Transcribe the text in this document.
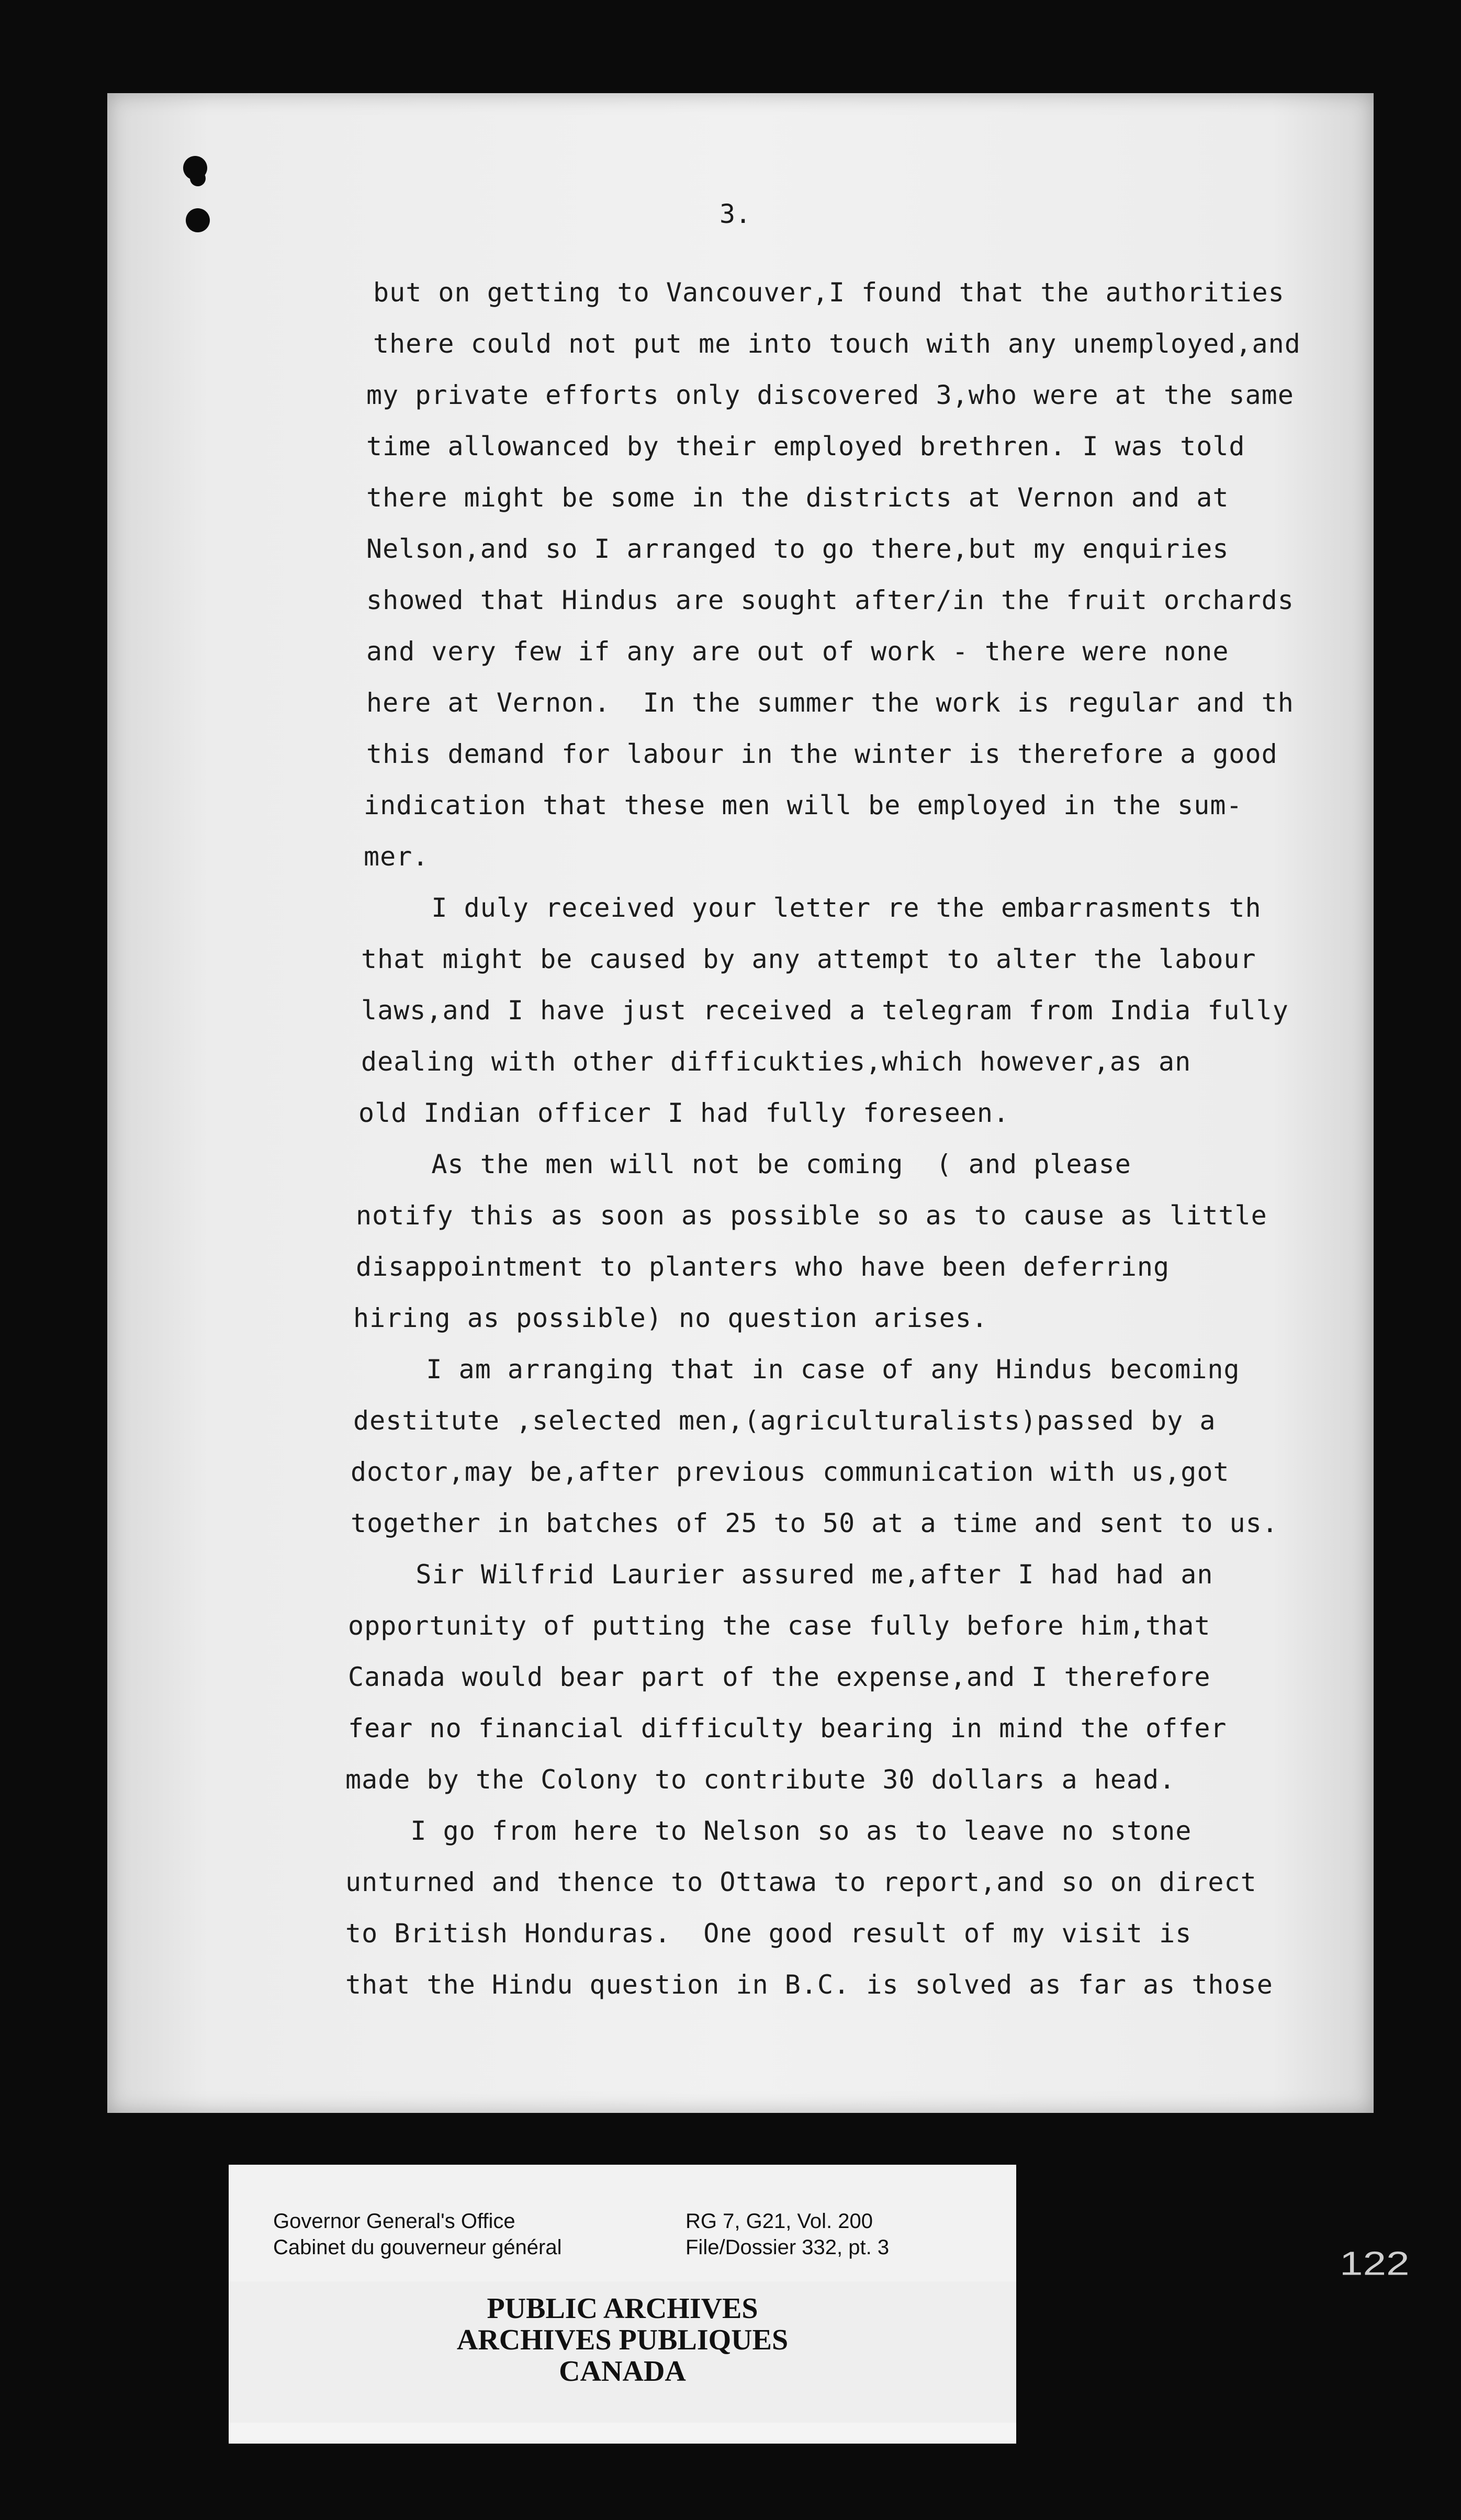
3.
but on getting to Vancouver,I found that the authorities
there could not put me into touch with any unemployed,and
my private efforts only discovered 3,who were at the same
time allowanced by their employed brethren. I was told
there might be some in the districts at Vernon and at
Nelson,and so I arranged to go there,but my enquiries
showed that Hindus are sought after/in the fruit orchards
and very few if any are out of work - there were none
here at Vernon.  In the summer the work is regular and th
this demand for labour in the winter is therefore a good
indication that these men will be employed in the sum-
mer.
I duly received your letter re the embarrasments th
that might be caused by any attempt to alter the labour
laws,and I have just received a telegram from India fully
dealing with other difficukties,which however,as an
old Indian officer I had fully foreseen.
As the men will not be coming  ( and please
notify this as soon as possible so as to cause as little
disappointment to planters who have been deferring
hiring as possible) no question arises.
I am arranging that in case of any Hindus becoming
destitute ,selected men,(agriculturalists)passed by a
doctor,may be,after previous communication with us,got
together in batches of 25 to 50 at a time and sent to us.
Sir Wilfrid Laurier assured me,after I had had an
opportunity of putting the case fully before him,that
Canada would bear part of the expense,and I therefore
fear no financial difficulty bearing in mind the offer
made by the Colony to contribute 30 dollars a head.
I go from here to Nelson so as to leave no stone
unturned and thence to Ottawa to report,and so on direct
to British Honduras.  One good result of my visit is
that the Hindu question in B.C. is solved as far as those
Governor General's Office
Cabinet du gouverneur général
RG 7, G21, Vol. 200
File/Dossier 332, pt. 3
PUBLIC ARCHIVES
ARCHIVES PUBLIQUES
CANADA
122
